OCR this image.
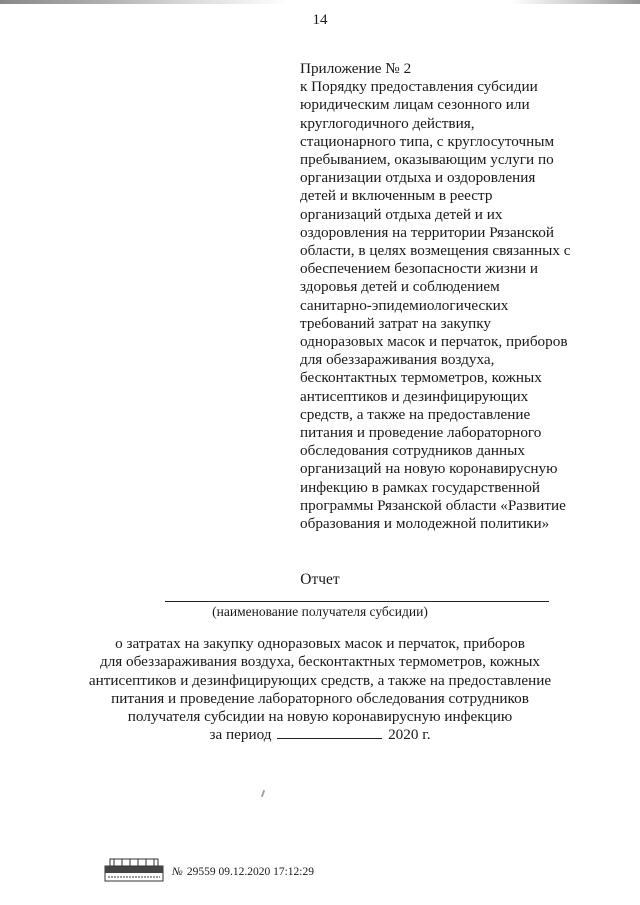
14
Приложение № 2
к Порядку предоставления субсидии
юридическим лицам сезонного или
круглогодичного действия,
стационарного типа, с круглосуточным
пребыванием, оказывающим услуги по
организации отдыха и оздоровления
детей и включенным в реестр
организаций отдыха детей и их
оздоровления на территории Рязанской
области, в целях возмещения связанных с
обеспечением безопасности жизни и
здоровья детей и соблюдением
санитарно-эпидемиологических
требований затрат на закупку
одноразовых масок и перчаток, приборов
для обеззараживания воздуха,
бесконтактных термометров, кожных
антисептиков и дезинфицирующих
средств, а также на предоставление
питания и проведение лабораторного
обследования сотрудников данных
организаций на новую коронавирусную
инфекцию в рамках государственной
программы Рязанской области «Развитие
образования и молодежной политики»
Отчет
(наименование получателя субсидии)
о затратах на закупку одноразовых масок и перчаток, приборов
для обеззараживания воздуха, бесконтактных термометров, кожных
антисептиков и дезинфицирующих средств, а также на предоставление
питания и проведение лабораторного обследования сотрудников
получателя субсидии на новую коронавирусную инфекцию
за период	2020 г.
№ 29559 09.12.2020 17:12:29
